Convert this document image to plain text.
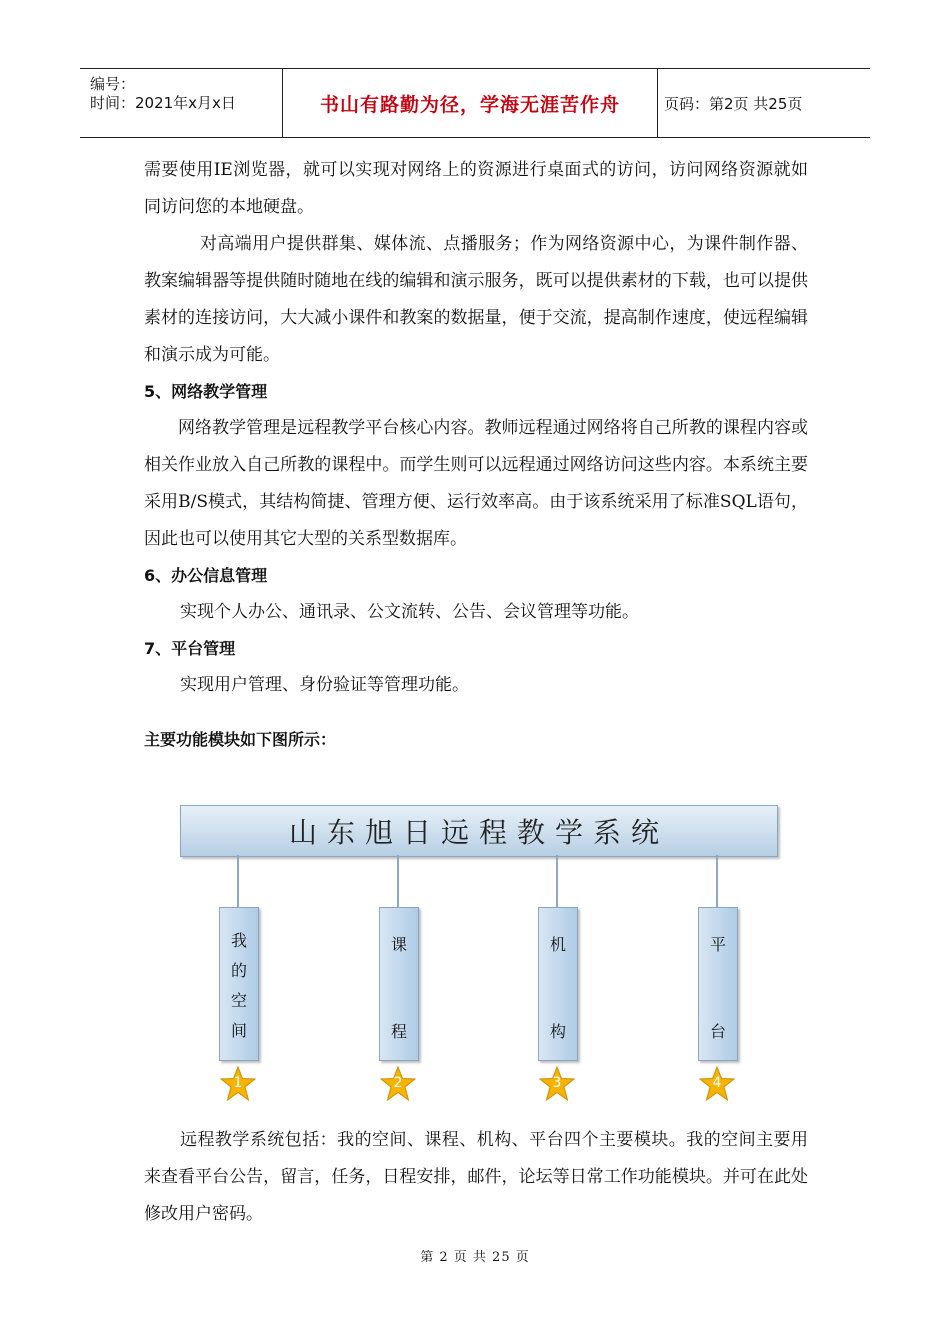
编号：
时间：2021年x月x日	书山有路勤为径，学海无涯苦作舟	页码：第2页 共25页

需要使用IE浏览器，就可以实现对网络上的资源进行桌面式的访问，访问网络资源就如同访问您的本地硬盘。

对高端用户提供群集、媒体流、点播服务；作为网络资源中心，为课件制作器、教案编辑器等提供随时随地在线的编辑和演示服务，既可以提供素材的下载，也可以提供素材的连接访问，大大减小课件和教案的数据量，便于交流，提高制作速度，使远程编辑和演示成为可能。

5、网络教学管理

网络教学管理是远程教学平台核心内容。教师远程通过网络将自己所教的课程内容或相关作业放入自己所教的课程中。而学生则可以远程通过网络访问这些内容。本系统主要采用B/S模式，其结构简捷、管理方便、运行效率高。由于该系统采用了标准SQL语句，因此也可以使用其它大型的关系型数据库。

6、办公信息管理

实现个人办公、通讯录、公文流转、公告、会议管理等功能。

7、平台管理

实现用户管理、身份验证等管理功能。

主要功能模块如下图所示：

山东旭日远程教学系统
我
的
空
间
课
程
机
构
平
台
1	2	3	4

远程教学系统包括：我的空间、课程、机构、平台四个主要模块。我的空间主要用来查看平台公告，留言，任务，日程安排，邮件，论坛等日常工作功能模块。并可在此处修改用户密码。

第 2 页 共 25 页
